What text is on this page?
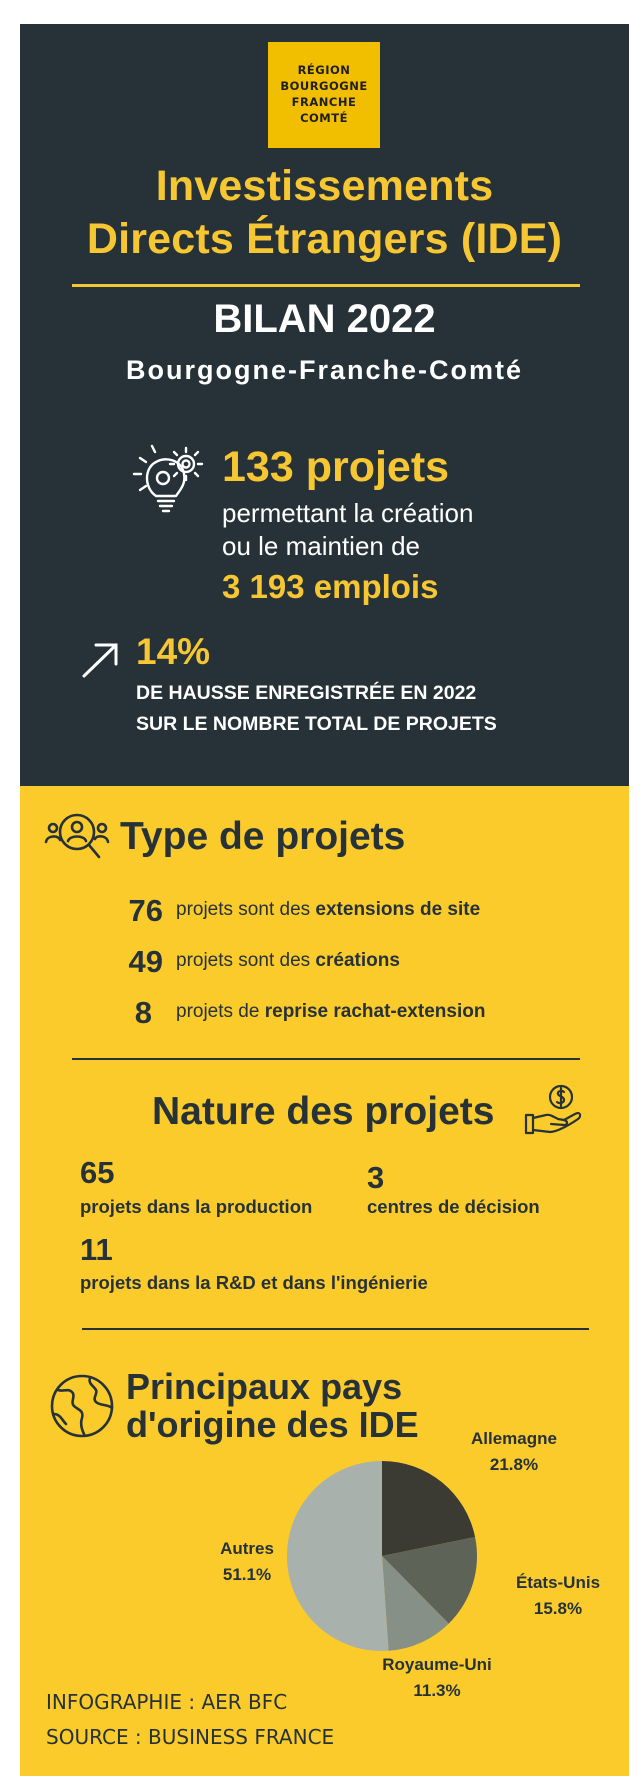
RÉGION
BOURGOGNE
FRANCHE
COMTÉ
Investissements
Directs Étrangers (IDE)
BILAN 2022
Bourgogne-Franche-Comté
133 projets
permettant la création
ou le maintien de
3 193 emplois
14%
DE HAUSSE ENREGISTRÉE EN 2022
SUR LE NOMBRE TOTAL DE PROJETS
Type de projets
76 projets sont des extensions de site
49 projets sont des créations
8 projets de reprise rachat-extension
Nature des projets
65
projets dans la production
3
centres de décision
11
projets dans la R&D et dans l'ingénierie
Principaux pays
d'origine des IDE	Allemagne
21.8%
États-Unis
15.8%
Royaume-Uni
11.3%
Autres
51.1%
INFOGRAPHIE : AER BFC
SOURCE : BUSINESS FRANCE
